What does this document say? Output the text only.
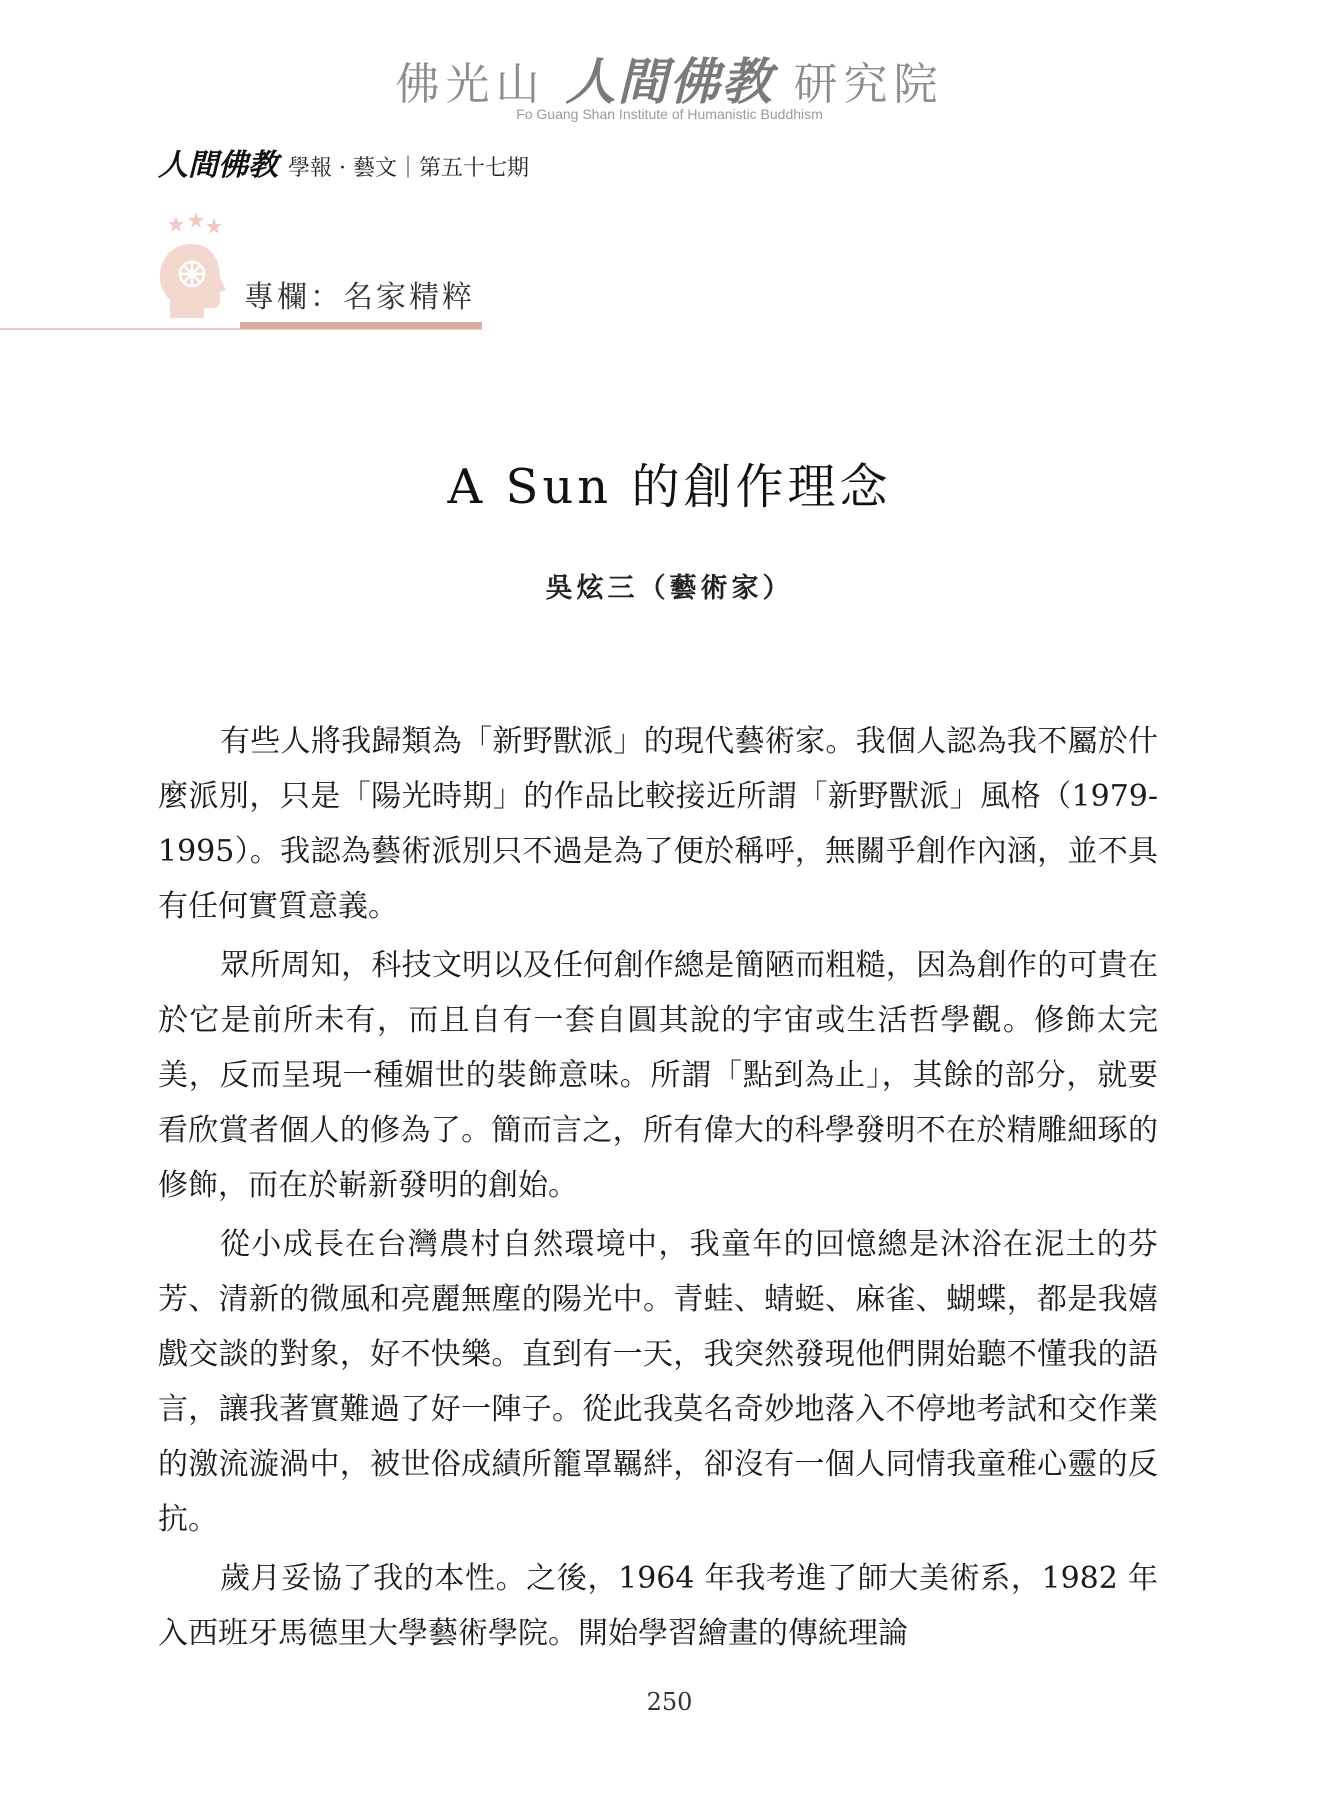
佛光山 人間佛教 研究院
Fo Guang Shan Institute of Humanistic Buddhism
人間佛教 學報 · 藝文｜第五十七期
專欄：名家精粹
A Sun 的創作理念
吳炫三（藝術家）

有些人將我歸類為「新野獸派」的現代藝術家。我個人認為我不屬於什麼派別，只是「陽光時期」的作品比較接近所謂「新野獸派」風格（1979-1995）。我認為藝術派別只不過是為了便於稱呼，無關乎創作內涵，並不具有任何實質意義。

眾所周知，科技文明以及任何創作總是簡陋而粗糙，因為創作的可貴在於它是前所未有，而且自有一套自圓其說的宇宙或生活哲學觀。修飾太完美，反而呈現一種媚世的裝飾意味。所謂「點到為止」，其餘的部分，就要看欣賞者個人的修為了。簡而言之，所有偉大的科學發明不在於精雕細琢的修飾，而在於嶄新發明的創始。

從小成長在台灣農村自然環境中，我童年的回憶總是沐浴在泥土的芬芳、清新的微風和亮麗無塵的陽光中。青蛙、蜻蜓、麻雀、蝴蝶，都是我嬉戲交談的對象，好不快樂。直到有一天，我突然發現他們開始聽不懂我的語言，讓我著實難過了好一陣子。從此我莫名奇妙地落入不停地考試和交作業的激流漩渦中，被世俗成績所籠罩羈絆，卻沒有一個人同情我童稚心靈的反抗。

歲月妥協了我的本性。之後，1964 年我考進了師大美術系，1982 年入西班牙馬德里大學藝術學院。開始學習繪畫的傳統理論

250
